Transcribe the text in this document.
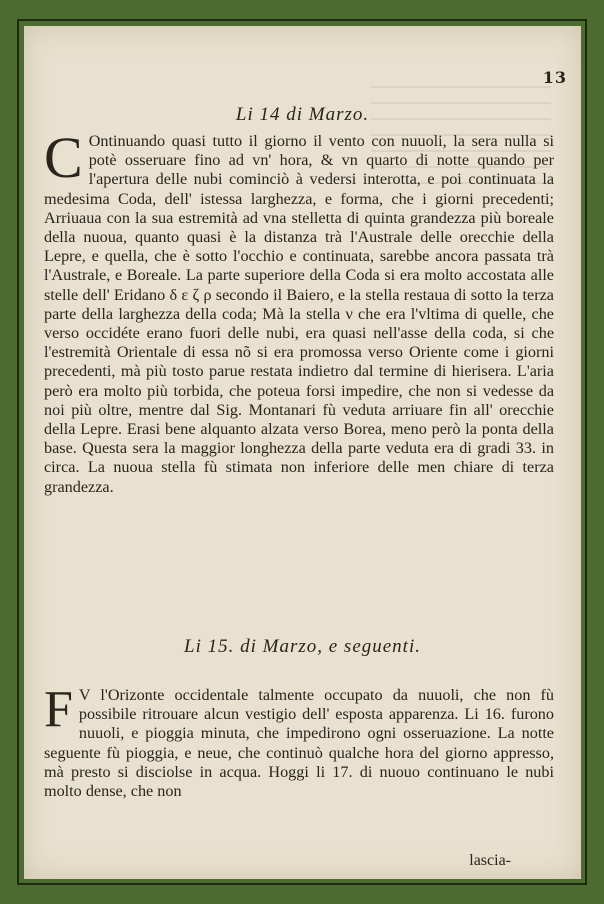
13
Li 14 di Marzo.
C Ontinuando quasi tutto il giorno il vento con nuuoli, la sera nulla si potè osseruare fino ad vn' hora, & vn quarto di notte quando per l'apertura delle nubi cominciò à vedersi interotta, e poi continuata la medesima Coda, dell' istessa larghezza, e forma, che i giorni precedenti; Arriuaua con la sua estremità ad vna stelletta di quinta grandezza più boreale della nuoua, quanto quasi è la distanza trà l'Australe delle orecchie della Lepre, e quella, che è sotto l'occhio e continuata, sarebbe ancora passata trà l'Australe, e Boreale. La parte superiore della Coda si era molto accostata alle stelle dell' Eridano δ ε ζ ρ secondo il Baiero, e la stella restaua di sotto la terza parte della larghezza della coda; Mà la stella ν che era l'vltima di quelle, che verso occidéte erano fuori delle nubi, era quasi nell'asse della coda, si che l'estremità Orientale di essa nõ si era promossa verso Oriente come i giorni precedenti, mà più tosto parue restata indietro dal termine di hierisera. L'aria però era molto più torbida, che poteua forsi impedire, che non si vedesse da noi più oltre, mentre dal Sig. Montanari fù veduta arriuare fin all' orecchie della Lepre. Erasi bene alquanto alzata verso Borea, meno però la ponta della base. Questa sera la maggior longhezza della parte veduta era di gradi 33. in circa. La nuoua stella fù stimata non inferiore delle men chiare di terza grandezza.
Li 15. di Marzo, e seguenti.
F V l'Orizonte occidentale talmente occupato da nuuoli, che non fù possibile ritrouare alcun vestigio dell' esposta apparenza. Li 16. furono nuuoli, e pioggia minuta, che impedirono ogni osseruazione. La notte seguente fù pioggia, e neue, che continuò qualche hora del giorno appresso, mà presto si disciolse in acqua. Hoggi li 17. di nuouo continuano le nubi molto dense, che non
lascia-
